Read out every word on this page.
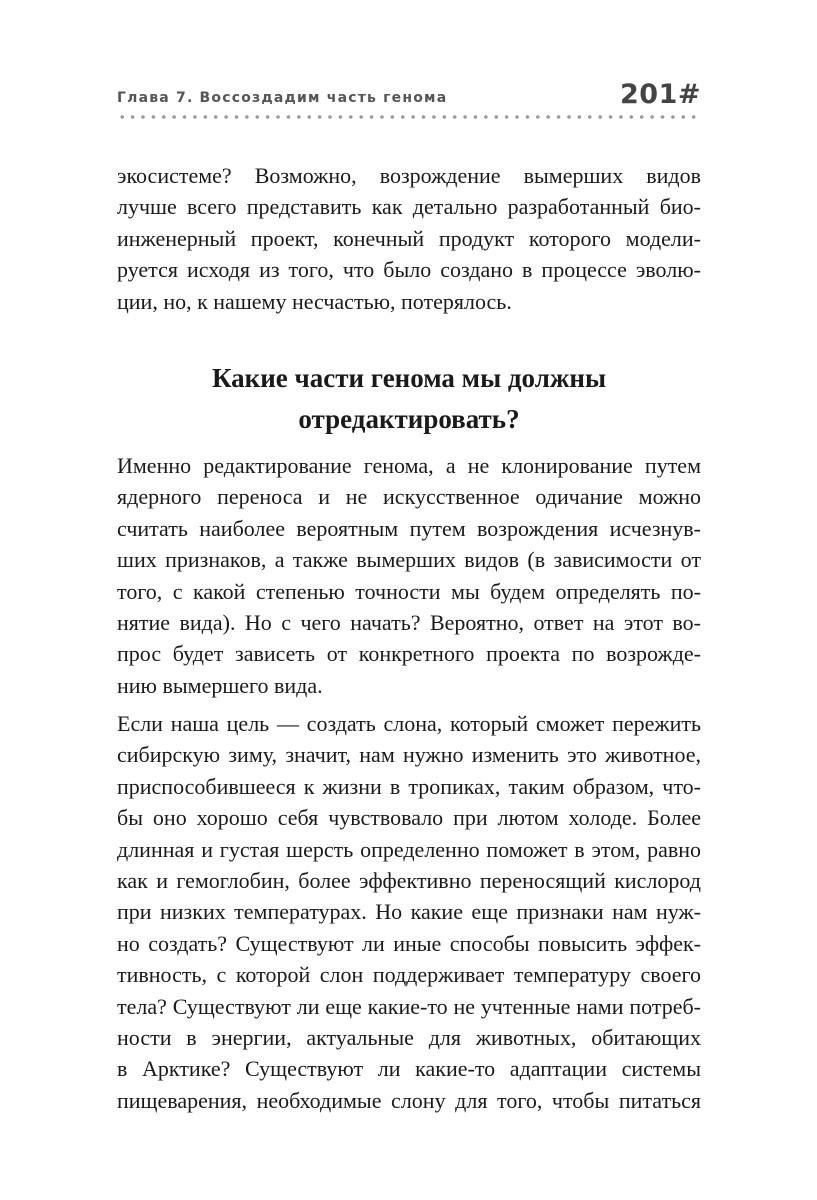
Глава 7. Воссоздадим часть генома	201#
экосистеме? Возможно, возрождение вымерших видов
лучше всего представить как детально разработанный био-
инженерный проект, конечный продукт которого модели-
руется исходя из того, что было создано в процессе эволю-
ции, но, к нашему несчастью, потерялось.
Какие части генома мы должны
отредактировать?
Именно редактирование генома, а не клонирование путем
ядерного переноса и не искусственное одичание можно
считать наиболее вероятным путем возрождения исчезнув-
ших признаков, а также вымерших видов (в зависимости от
того, с какой степенью точности мы будем определять по-
нятие вида). Но с чего начать? Вероятно, ответ на этот во-
прос будет зависеть от конкретного проекта по возрожде-
нию вымершего вида.
Если наша цель — создать слона, который сможет пережить
сибирскую зиму, значит, нам нужно изменить это животное,
приспособившееся к жизни в тропиках, таким образом, что-
бы оно хорошо себя чувствовало при лютом холоде. Более
длинная и густая шерсть определенно поможет в этом, равно
как и гемоглобин, более эффективно переносящий кислород
при низких температурах. Но какие еще признаки нам нуж-
но создать? Существуют ли иные способы повысить эффек-
тивность, с которой слон поддерживает температуру своего
тела? Существуют ли еще какие-то не учтенные нами потреб-
ности в энергии, актуальные для животных, обитающих
в Арктике? Существуют ли какие-то адаптации системы
пищеварения, необходимые слону для того, чтобы питаться
